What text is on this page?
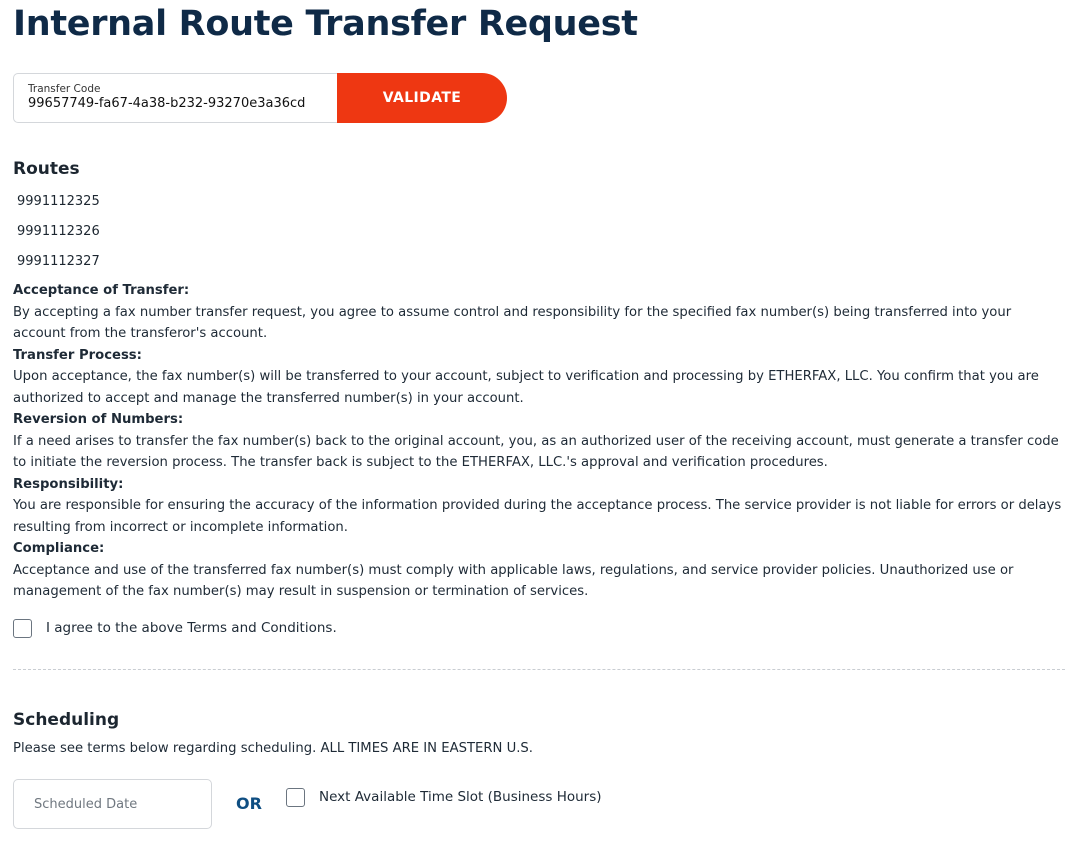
Internal Route Transfer Request
Transfer Code
99657749-fa67-4a38-b232-93270e3a36cd	VALIDATE
Routes
9991112325
9991112326
9991112327
Acceptance of Transfer:
By accepting a fax number transfer request, you agree to assume control and responsibility for the specified fax number(s) being transferred into your account from the transferor's account.
Transfer Process:
Upon acceptance, the fax number(s) will be transferred to your account, subject to verification and processing by ETHERFAX, LLC. You confirm that you are authorized to accept and manage the transferred number(s) in your account.
Reversion of Numbers:
If a need arises to transfer the fax number(s) back to the original account, you, as an authorized user of the receiving account, must generate a transfer code to initiate the reversion process. The transfer back is subject to the ETHERFAX, LLC.'s approval and verification procedures.
Responsibility:
You are responsible for ensuring the accuracy of the information provided during the acceptance process. The service provider is not liable for errors or delays resulting from incorrect or incomplete information.
Compliance:
Acceptance and use of the transferred fax number(s) must comply with applicable laws, regulations, and service provider policies. Unauthorized use or management of the fax number(s) may result in suspension or termination of services.
I agree to the above Terms and Conditions.
Scheduling
Please see terms below regarding scheduling. ALL TIMES ARE IN EASTERN U.S.
Scheduled Date
OR	Next Available Time Slot (Business Hours)
